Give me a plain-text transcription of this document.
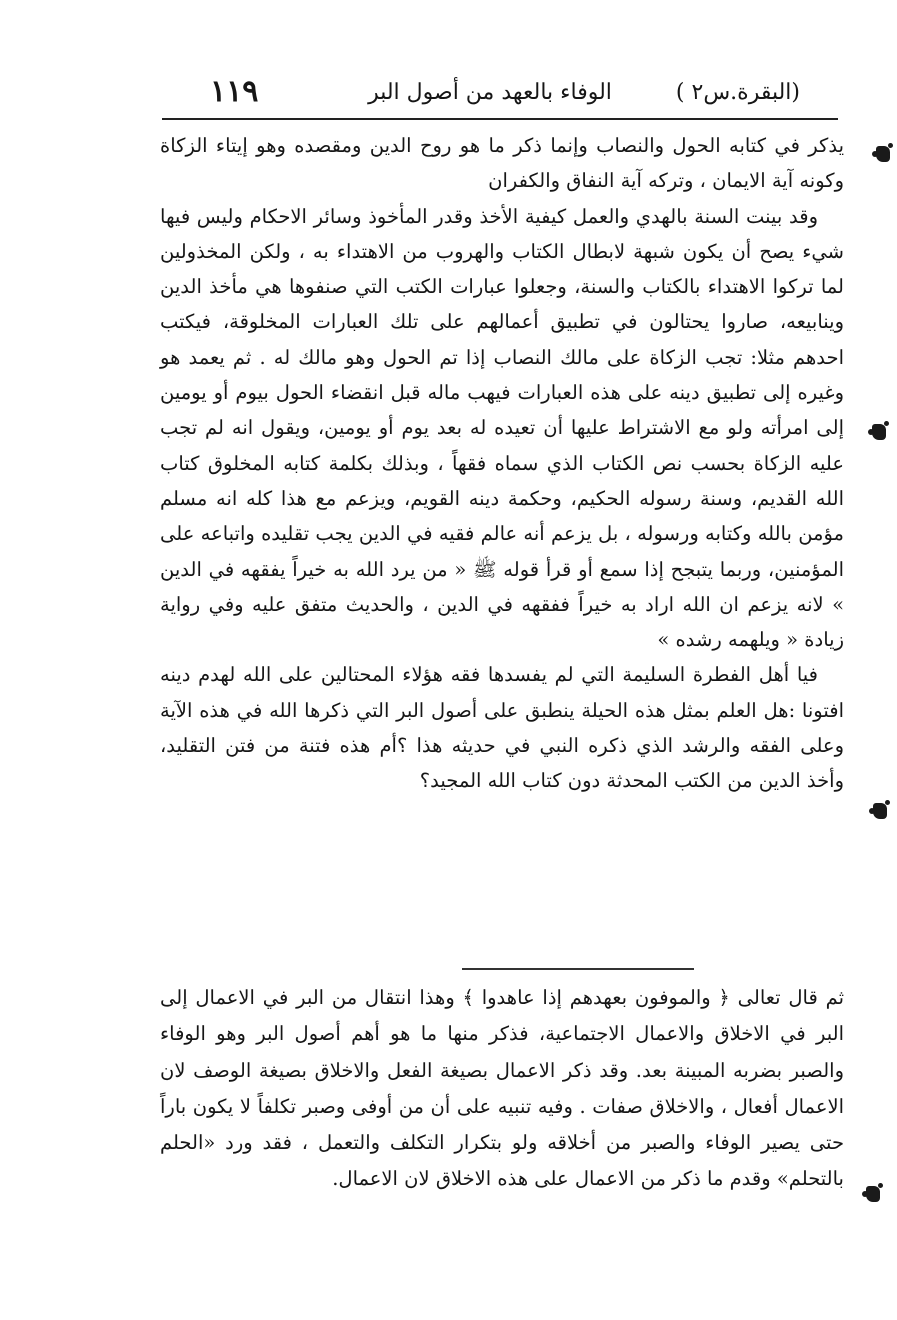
١١٩	الوفاء بالعهد من أصول البر	(البقرة.س٢ )

يذكر في كتابه الحول والنصاب وإنما ذكر ما هو روح الدين ومقصده وهو إيتاء الزكاة وكونه آية الايمان ، وتركه آية النفاق والكفران

وقد بينت السنة بالهدي والعمل كيفية الأخذ وقدر المأخوذ وسائر الاحكام وليس فيها شيء يصح أن يكون شبهة لابطال الكتاب والهروب من الاهتداء به ، ولكن المخذولين لما تركوا الاهتداء بالكتاب والسنة، وجعلوا عبارات الكتب التي صنفوها هي مأخذ الدين وينابيعه، صاروا يحتالون في تطبيق أعمالهم على تلك العبارات المخلوقة، فيكتب احدهم مثلا: تجب الزكاة على مالك النصاب إذا تم الحول وهو مالك له . ثم يعمد هو وغيره إلى تطبيق دينه على هذه العبارات فيهب ماله قبل انقضاء الحول بيوم أو يومين إلى امرأته ولو مع الاشتراط عليها أن تعيده له بعد يوم أو يومين، ويقول انه لم تجب عليه الزكاة بحسب نص الكتاب الذي سماه فقهاً ، وبذلك بكلمة كتابه المخلوق كتاب الله القديم، وسنة رسوله الحكيم، وحكمة دينه القويم، ويزعم مع هذا كله انه مسلم مؤمن بالله وكتابه ورسوله ، بل يزعم أنه عالم فقيه في الدين يجب تقليده واتباعه على المؤمنين، وربما يتبجح إذا سمع أو قرأ قوله ﷺ « من يرد الله به خيراً يفقهه في الدين » لانه يزعم ان الله اراد به خيراً ففقهه في الدين ، والحديث متفق عليه وفي رواية زيادة « ويلهمه رشده »

فيا أهل الفطرة السليمة التي لم يفسدها فقه هؤلاء المحتالين على الله لهدم دينه افتونا :هل العلم بمثل هذه الحيلة ينطبق على أصول البر التي ذكرها الله في هذه الآية وعلى الفقه والرشد الذي ذكره النبي في حديثه هذا ؟أم هذه فتنة من فتن التقليد، وأخذ الدين من الكتب المحدثة دون كتاب الله المجيد؟

ثم قال تعالى ﴿ والموفون بعهدهم إذا عاهدوا ﴾ وهذا انتقال من البر في الاعمال إلى البر في الاخلاق والاعمال الاجتماعية، فذكر منها ما هو أهم أصول البر وهو الوفاء والصبر بضربه المبينة بعد. وقد ذكر الاعمال بصيغة الفعل والاخلاق بصيغة الوصف لان الاعمال أفعال ، والاخلاق صفات . وفيه تنبيه على أن من أوفى وصبر تكلفاً لا يكون باراً حتى يصير الوفاء والصبر من أخلاقه ولو بتكرار التكلف والتعمل ، فقد ورد «الحلم بالتحلم» وقدم ما ذكر من الاعمال على هذه الاخلاق لان الاعمال.
